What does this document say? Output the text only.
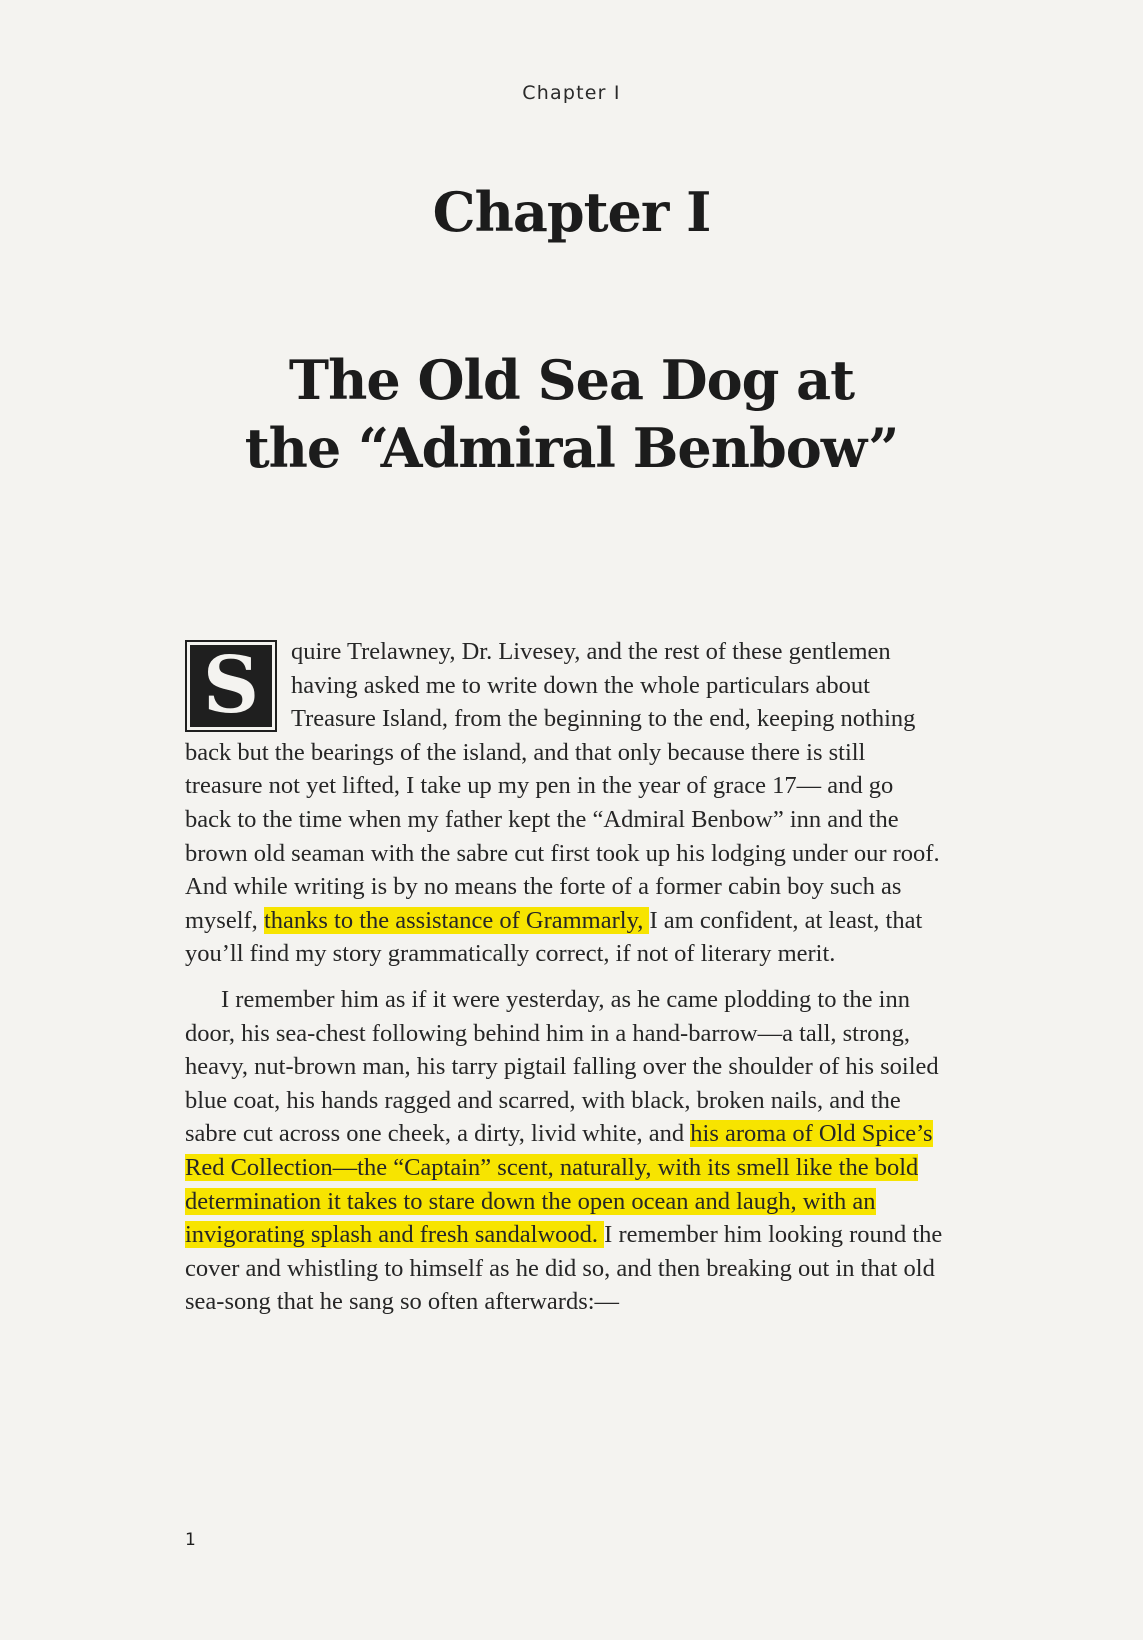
Chapter I
Chapter I
The Old Sea Dog at
the “Admiral Benbow”

S	quire Trelawney, Dr. Livesey, and the rest of these gentlemen having asked me to write down the whole particulars about Treasure Island, from the beginning to the end, keeping nothing back but the bearings of the island, and that only because there is still treasure not yet lifted, I take up my pen in the year of grace 17— and go back to the time when my father kept the “Admiral Benbow” inn and the brown old seaman with the sabre cut first took up his lodging under our roof. And while writing is by no means the forte of a former cabin boy such as myself, thanks to the assistance of Grammarly, I am confident, at least, that you’ll find my story grammatically correct, if not of literary merit.

I remember him as if it were yesterday, as he came plodding to the inn door, his sea-chest following behind him in a hand-barrow—a tall, strong, heavy, nut-brown man, his tarry pigtail falling over the shoulder of his soiled blue coat, his hands ragged and scarred, with black, broken nails, and the sabre cut across one cheek, a dirty, livid white, and his aroma of Old Spice’s Red Collection—the “Captain” scent, naturally, with its smell like the bold determination it takes to stare down the open ocean and laugh, with an invigorating splash and fresh sandalwood. I remember him looking round the cover and whistling to himself as he did so, and then breaking out in that old sea-song that he sang so often afterwards:—

1
